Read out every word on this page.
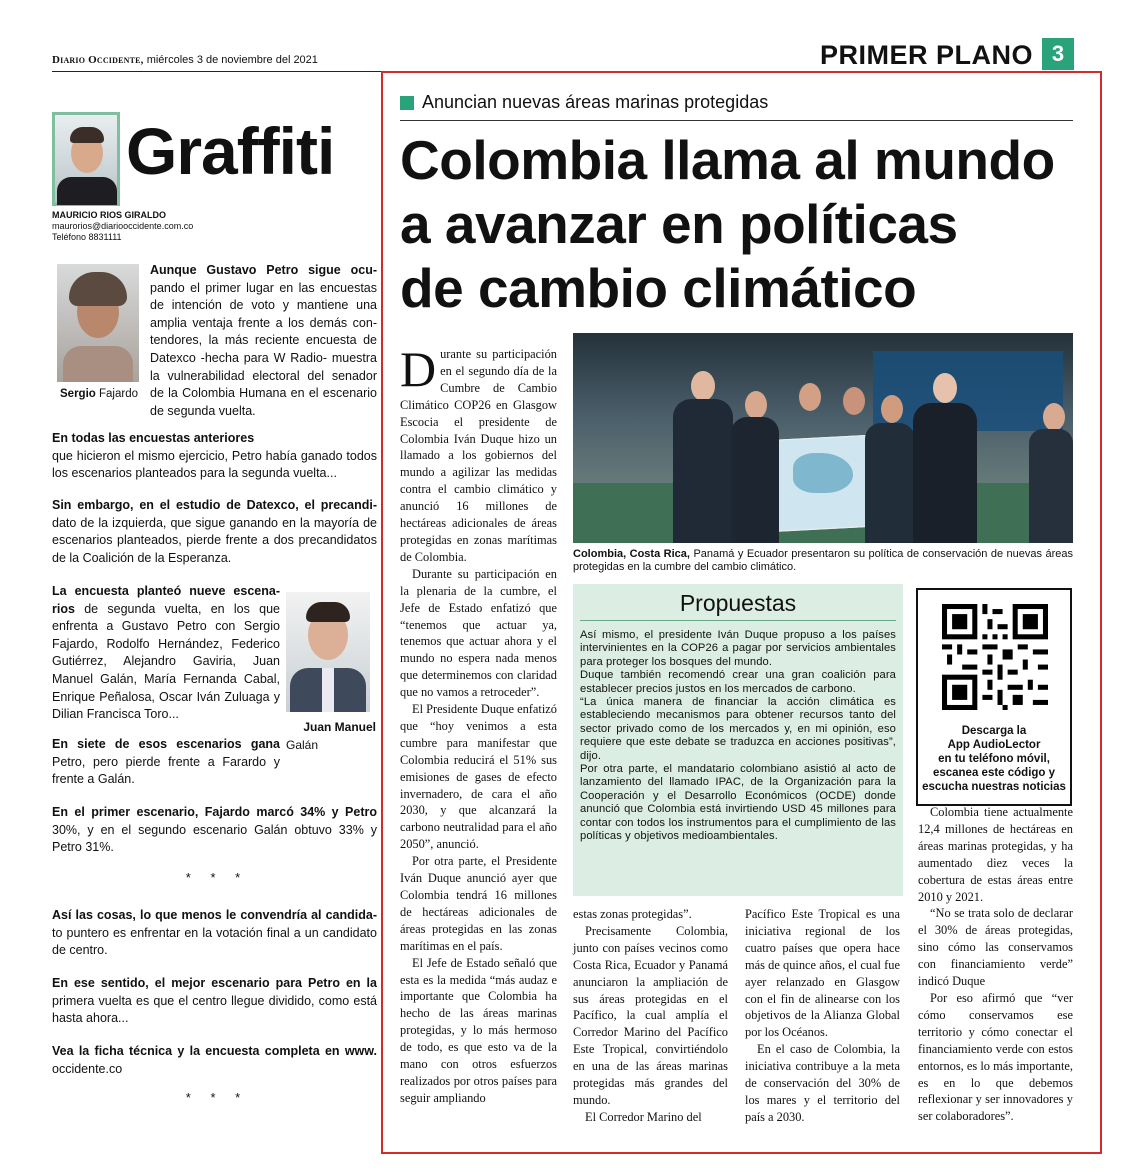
Diario Occidente, miércoles 3 de noviembre del 2021	PRIMER PLANO 3
Graffiti
MAURICIO RIOS GIRALDO
maurorios@diariooccidente.com.co
Teléfono 8831111
Sergio Fajardo
Aunque Gustavo Petro sigue ocu- pando el primer lugar en las encuestas de intención de voto y mantiene una amplia ventaja frente a los demás con-tendores, la más reciente encuesta de Datexco -hecha para W Radio- muestra la vulnerabilidad electoral del senador de la Colombia Humana en el escenario de segunda vuelta.
En todas las encuestas anteriores
que hicieron el mismo ejercicio, Petro había ganado todos los escenarios planteados para la segunda vuelta...
Sin embargo, en el estudio de Datexco, el precandi- dato de la izquierda, que sigue ganando en la mayoría de escenarios planteados, pierde frente a dos precandidatos de la Coalición de la Esperanza.
La encuesta planteó nueve escena-rios de segunda vuelta, en los que enfrenta a Gustavo Petro con Sergio Fajardo, Rodolfo Hernández, Federico Gutiérrez, Alejandro Gaviria, Juan Manuel Galán, María Fernanda Cabal, Enrique Peñalosa, Oscar Iván Zuluaga y Dilian Francisca Toro...
Juan Manuel
Galán
En siete de esos escenarios gana Petro, pero pierde frente a Farardo y frente a Galán.
En el primer escenario, Fajardo marcó 34% y Petro 30%, y en el segundo escenario Galán obtuvo 33% y Petro 31%.
* * *
Así las cosas, lo que menos le convendría al candida- to puntero es enfrentar en la votación final a un candidato de centro.
En ese sentido, el mejor escenario para Petro en la primera vuelta es que el centro llegue dividido, como está hasta ahora...
Vea la ficha técnica y la encuesta completa en www. occidente.co
* * *
Anuncian nuevas áreas marinas protegidas
Colombia llama al mundo
a avanzar en políticas
de cambio climático

Durante su participación en el segundo día de la Cumbre de Cambio Climático COP26 en Glasgow Escocia el presidente de Colombia Iván Duque hizo un llamado a los gobiernos del mundo a agilizar las medidas contra el cambio climático y anunció 16 millones de hectáreas adicionales de áreas protegidas en zonas marítimas de Colombia.

Durante su participación en la plenaria de la cumbre, el Jefe de Estado enfatizó que “tenemos que actuar ya, tenemos que actuar ahora y el mundo no espera nada menos que determinemos con claridad que no vamos a retroceder”.

El Presidente Duque enfatizó que “hoy venimos a esta cumbre para manifestar que Colombia reducirá el 51% sus emisiones de gases de efecto invernadero, de cara el año 2030, y que alcanzará la carbono neutralidad para el año 2050”, anunció.

Por otra parte, el Presidente Iván Duque anunció ayer que Colombia tendrá 16 millones de hectáreas adicionales de áreas protegidas en las zonas marítimas en el país.

El Jefe de Estado señaló que esta es la medida “más audaz e importante que Colombia ha hecho de las áreas marinas protegidas, y lo más hermoso de todo, es que esto va de la mano con otros esfuerzos realizados por otros países para seguir ampliando

Colombia, Costa Rica, Panamá y Ecuador presentaron su política de conservación de nuevas áreas protegidas en la cumbre del cambio climático.
Propuestas

Así mismo, el presidente Iván Duque propuso a los países intervinientes en la COP26 a pagar por servicios ambientales para proteger los bosques del mundo.

Duque también recomendó crear una gran coalición para establecer precios justos en los mercados de carbono.

“La única manera de financiar la acción climática es estableciendo mecanismos para obtener recursos tanto del sector privado como de los mercados y, en mi opinión, eso requiere que este debate se traduzca en acciones positivas”, dijo.

Por otra parte, el mandatario colombiano asistió al acto de lanzamiento del llamado IPAC, de la Organización para la Cooperación y el Desarrollo Económicos (OCDE) donde anunció que Colombia está invirtiendo USD 45 millones para contar con todos los instrumentos para el cumplimiento de las políticas y objetivos medioambientales.

Descarga la
App AudioLector
en tu teléfono móvil,
escanea este código y
escucha nuestras noticias

estas zonas protegidas”.

Precisamente Colombia, junto con países vecinos como Costa Rica, Ecuador y Panamá anunciaron la ampliación de sus áreas protegidas en el Pacífico, la cual amplía el Corredor Marino del Pacífico Este Tropical, convirtiéndolo en una de las áreas marinas protegidas más grandes del mundo.

El Corredor Marino del

Pacífico Este Tropical es una iniciativa regional de los cuatro países que opera hace más de quince años, el cual fue ayer relanzado en Glasgow con el fin de alinearse con los objetivos de la Alianza Global por los Océanos.

En el caso de Colombia, la iniciativa contribuye a la meta de conservación del 30% de los mares y el territorio del país a 2030.

Colombia tiene actualmente 12,4 millones de hectáreas en áreas marinas protegidas, y ha aumentado diez veces la cobertura de estas áreas entre 2010 y 2021.

“No se trata solo de declarar el 30% de áreas protegidas, sino cómo las conservamos con financiamiento verde” indicó Duque

Por eso afirmó que “ver cómo conservamos ese territorio y cómo conectar el financiamiento verde con estos entornos, es lo más importante, es en lo que debemos reflexionar y ser innovadores y ser colaboradores”.
